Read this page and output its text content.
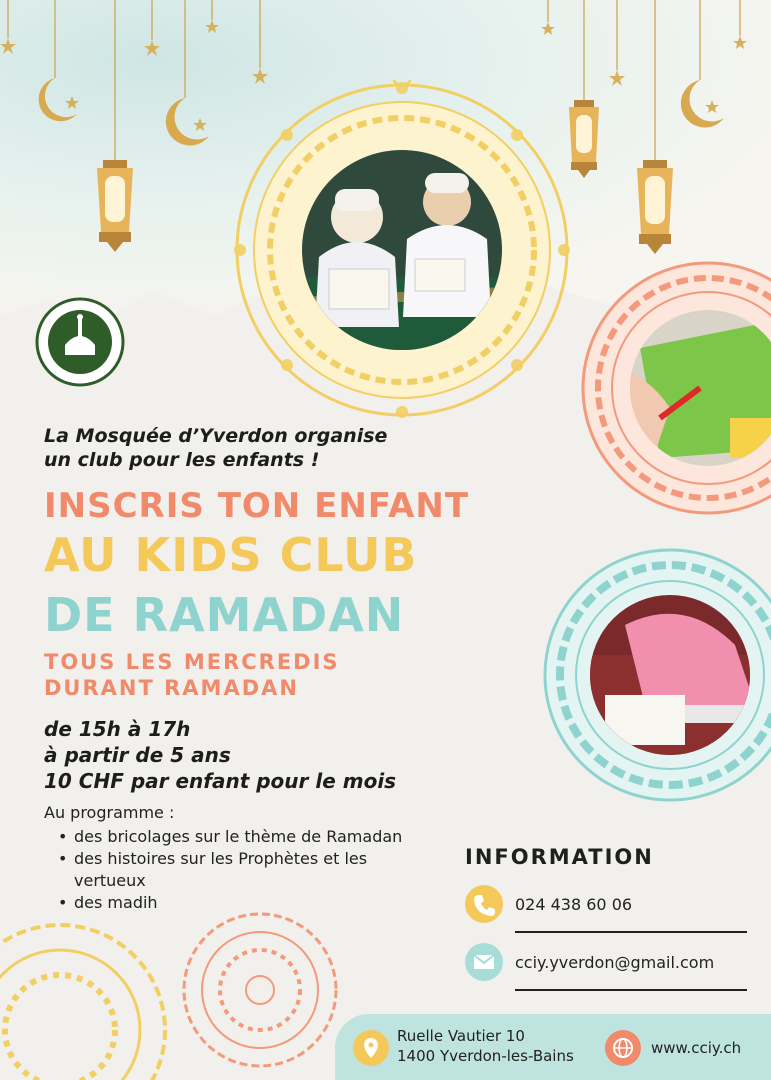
La Mosquée d’Yverdon organise
un club pour les enfants !
INSCRIS TON ENFANT
AU KIDS CLUB
DE RAMADAN
TOUS LES MERCREDIS
DURANT RAMADAN
de 15h à 17h
à partir de 5 ans
10 CHF par enfant pour le mois
Au programme :
• des bricolages sur le thème de Ramadan
• des histoires sur les Prophètes et les
vertueux
• des madih
INFORMATION
024 438 60 06
cciy.yverdon@gmail.com
Ruelle Vautier 10
1400 Yverdon-les-Bains	www.cciy.ch
